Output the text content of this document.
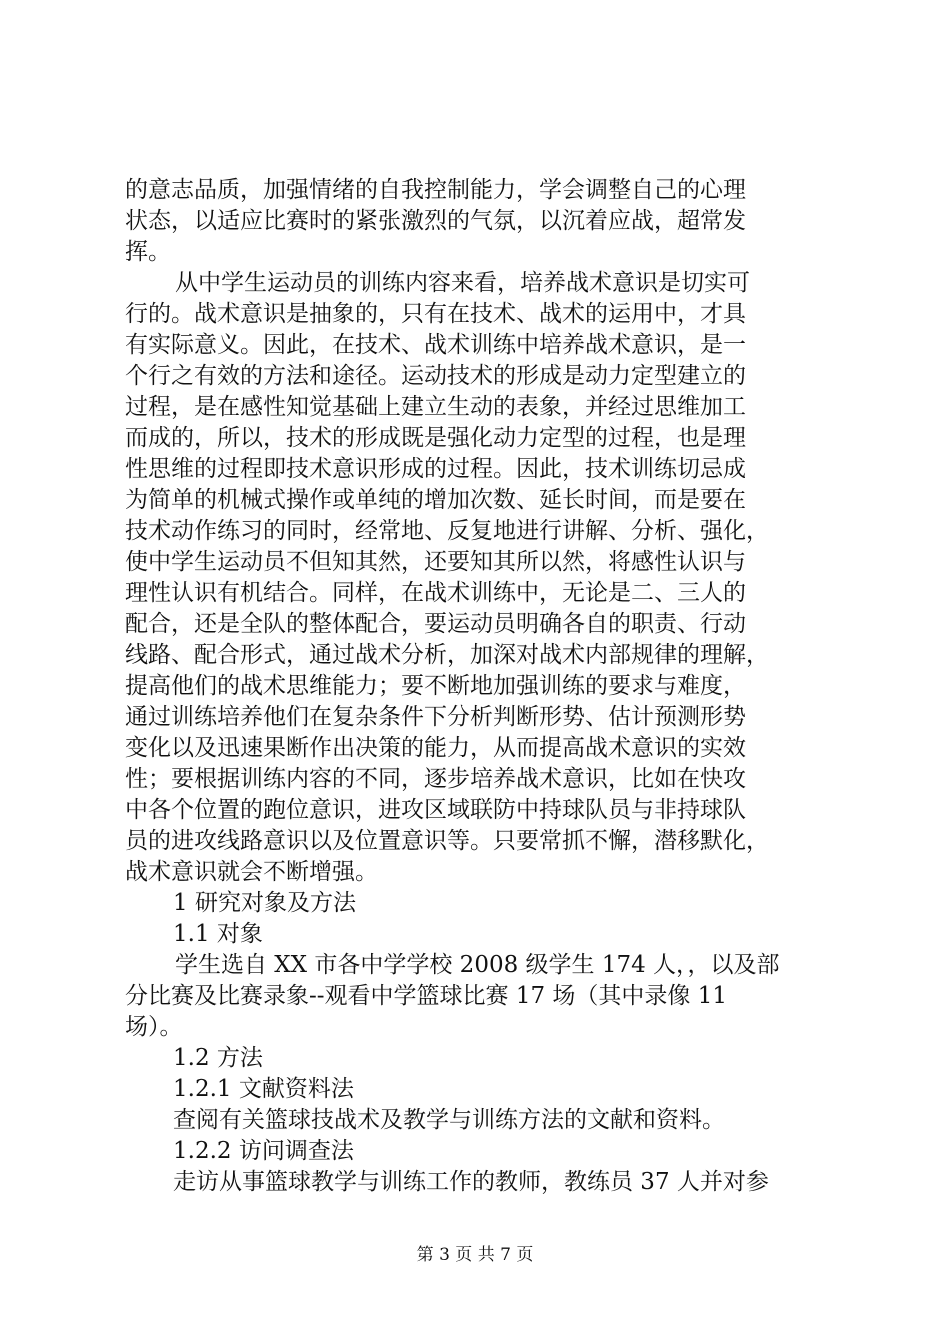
的意志品质，加强情绪的自我控制能力，学会调整自己的心理
状态，以适应比赛时的紧张激烈的气氛，以沉着应战，超常发
挥。
从中学生运动员的训练内容来看，培养战术意识是切实可
行的。战术意识是抽象的，只有在技术、战术的运用中，才具
有实际意义。因此，在技术、战术训练中培养战术意识，是一
个行之有效的方法和途径。运动技术的形成是动力定型建立的
过程，是在感性知觉基础上建立生动的表象，并经过思维加工
而成的，所以，技术的形成既是强化动力定型的过程，也是理
性思维的过程即技术意识形成的过程。因此，技术训练切忌成
为简单的机械式操作或单纯的增加次数、延长时间，而是要在
技术动作练习的同时，经常地、反复地进行讲解、分析、强化，
使中学生运动员不但知其然，还要知其所以然，将感性认识与
理性认识有机结合。同样，在战术训练中，无论是二、三人的
配合，还是全队的整体配合，要运动员明确各自的职责、行动
线路、配合形式，通过战术分析，加深对战术内部规律的理解，
提高他们的战术思维能力；要不断地加强训练的要求与难度，
通过训练培养他们在复杂条件下分析判断形势、估计预测形势
变化以及迅速果断作出决策的能力，从而提高战术意识的实效
性；要根据训练内容的不同，逐步培养战术意识，比如在快攻
中各个位置的跑位意识，进攻区域联防中持球队员与非持球队
员的进攻线路意识以及位置意识等。只要常抓不懈，潜移默化，
战术意识就会不断增强。
1 研究对象及方法
1.1 对象
学生选自 XX 市各中学学校 2008 级学生 174 人，，以及部
分比赛及比赛录象--观看中学篮球比赛 17 场（其中录像 11
场）。
1.2 方法
1.2.1 文献资料法
查阅有关篮球技战术及教学与训练方法的文献和资料。
1.2.2 访问调查法
走访从事篮球教学与训练工作的教师，教练员 37 人并对参
第 3 页 共 7 页
